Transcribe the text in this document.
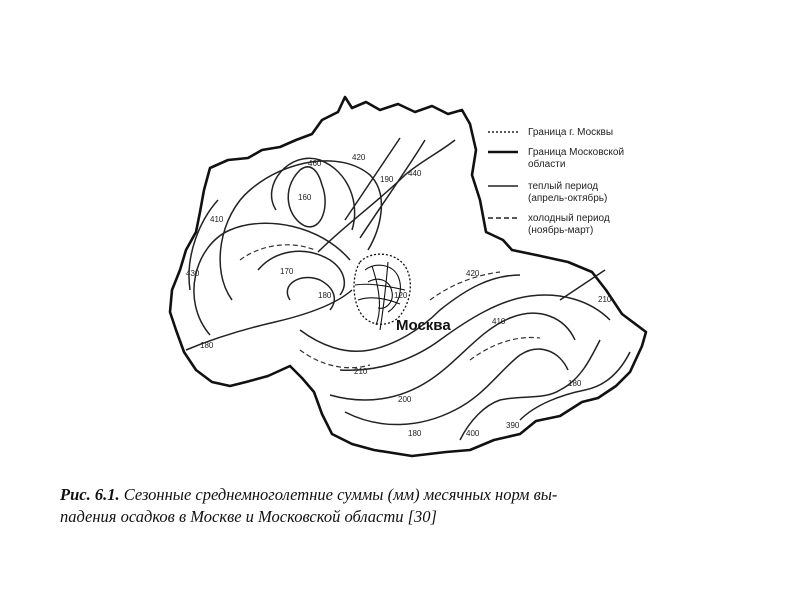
460
160
420
190
440
410
430	170
180
180
120
420
410
210
200
180	400
390
210
180
Москва
Граница г. Москвы
Граница Московской
области
теплый период
(апрель-октябрь)
холодный период
(ноябрь-март)
Рис. 6.1. Сезонные среднемноголетние суммы (мм) месячных норм вы-
падения осадков в Москве и Московской области [30]
